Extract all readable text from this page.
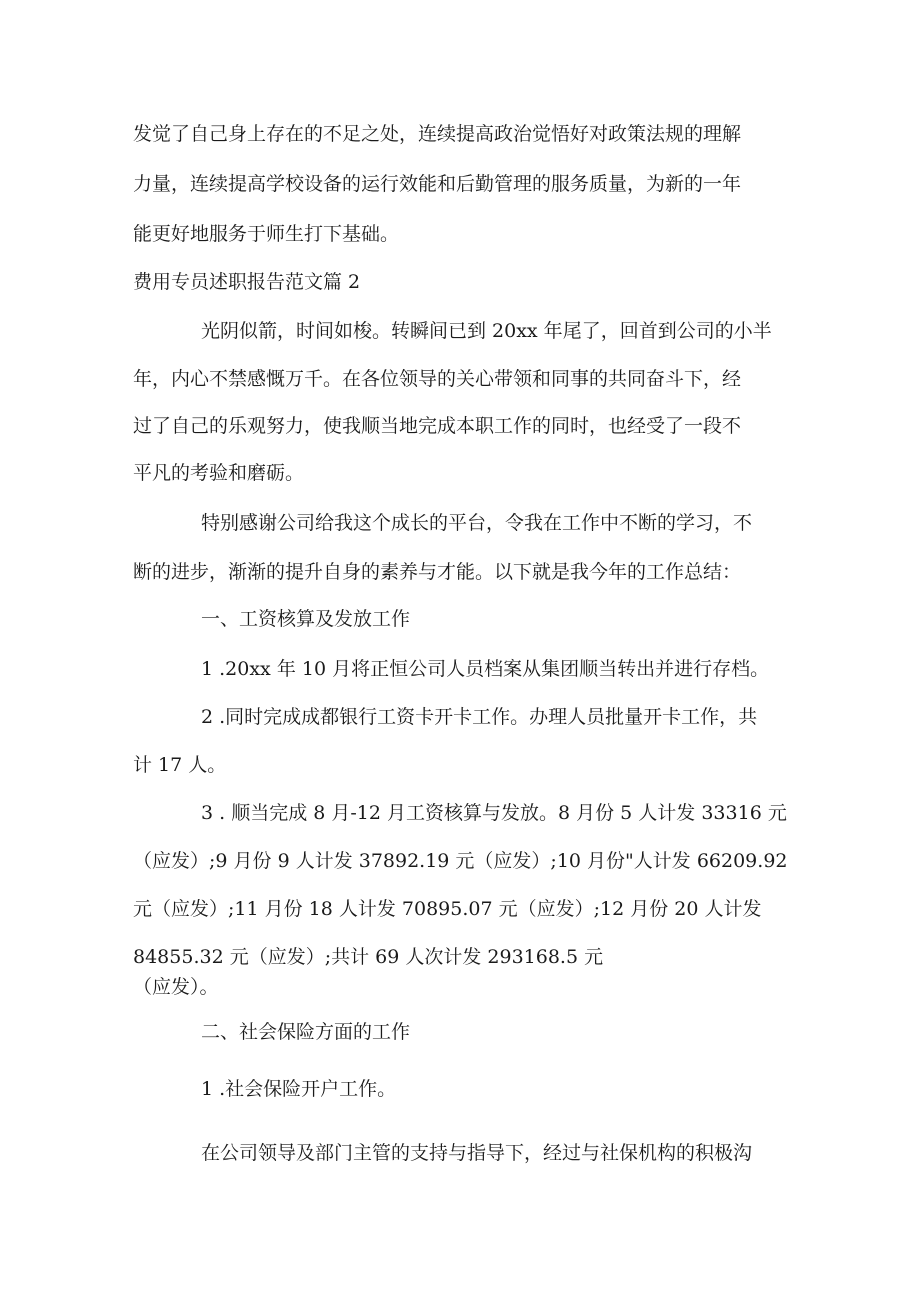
发觉了自己身上存在的不足之处，连续提高政治觉悟好对政策法规的理解

力量，连续提高学校设备的运行效能和后勤管理的服务质量，为新的一年

能更好地服务于师生打下基础。

费用专员述职报告范文篇 2

光阴似箭，时间如梭。转瞬间已到 20xx 年尾了，回首到公司的小半

年，内心不禁感慨万千。在各位领导的关心带领和同事的共同奋斗下，经

过了自己的乐观努力，使我顺当地完成本职工作的同时，也经受了一段不

平凡的考验和磨砺。

特别感谢公司给我这个成长的平台，令我在工作中不断的学习，不

断的进步，渐渐的提升自身的素养与才能。以下就是我今年的工作总结：

一、工资核算及发放工作

1 .20xx 年 10 月将正恒公司人员档案从集团顺当转出并进行存档。

2 .同时完成成都银行工资卡开卡工作。办理人员批量开卡工作，共

计 17 人。

3 . 顺当完成 8 月-12 月工资核算与发放。8 月份 5 人计发 33316 元

（应发）;9 月份 9 人计发 37892.19 元（应发）;10 月份"人计发 66209.92

元（应发）;11 月份 18 人计发 70895.07 元（应发）;12 月份 20 人计发

84855.32 元（应发）;共计 69 人次计发 293168.5 元

（应发）。

二、社会保险方面的工作

1 .社会保险开户工作。

在公司领导及部门主管的支持与指导下，经过与社保机构的积极沟
